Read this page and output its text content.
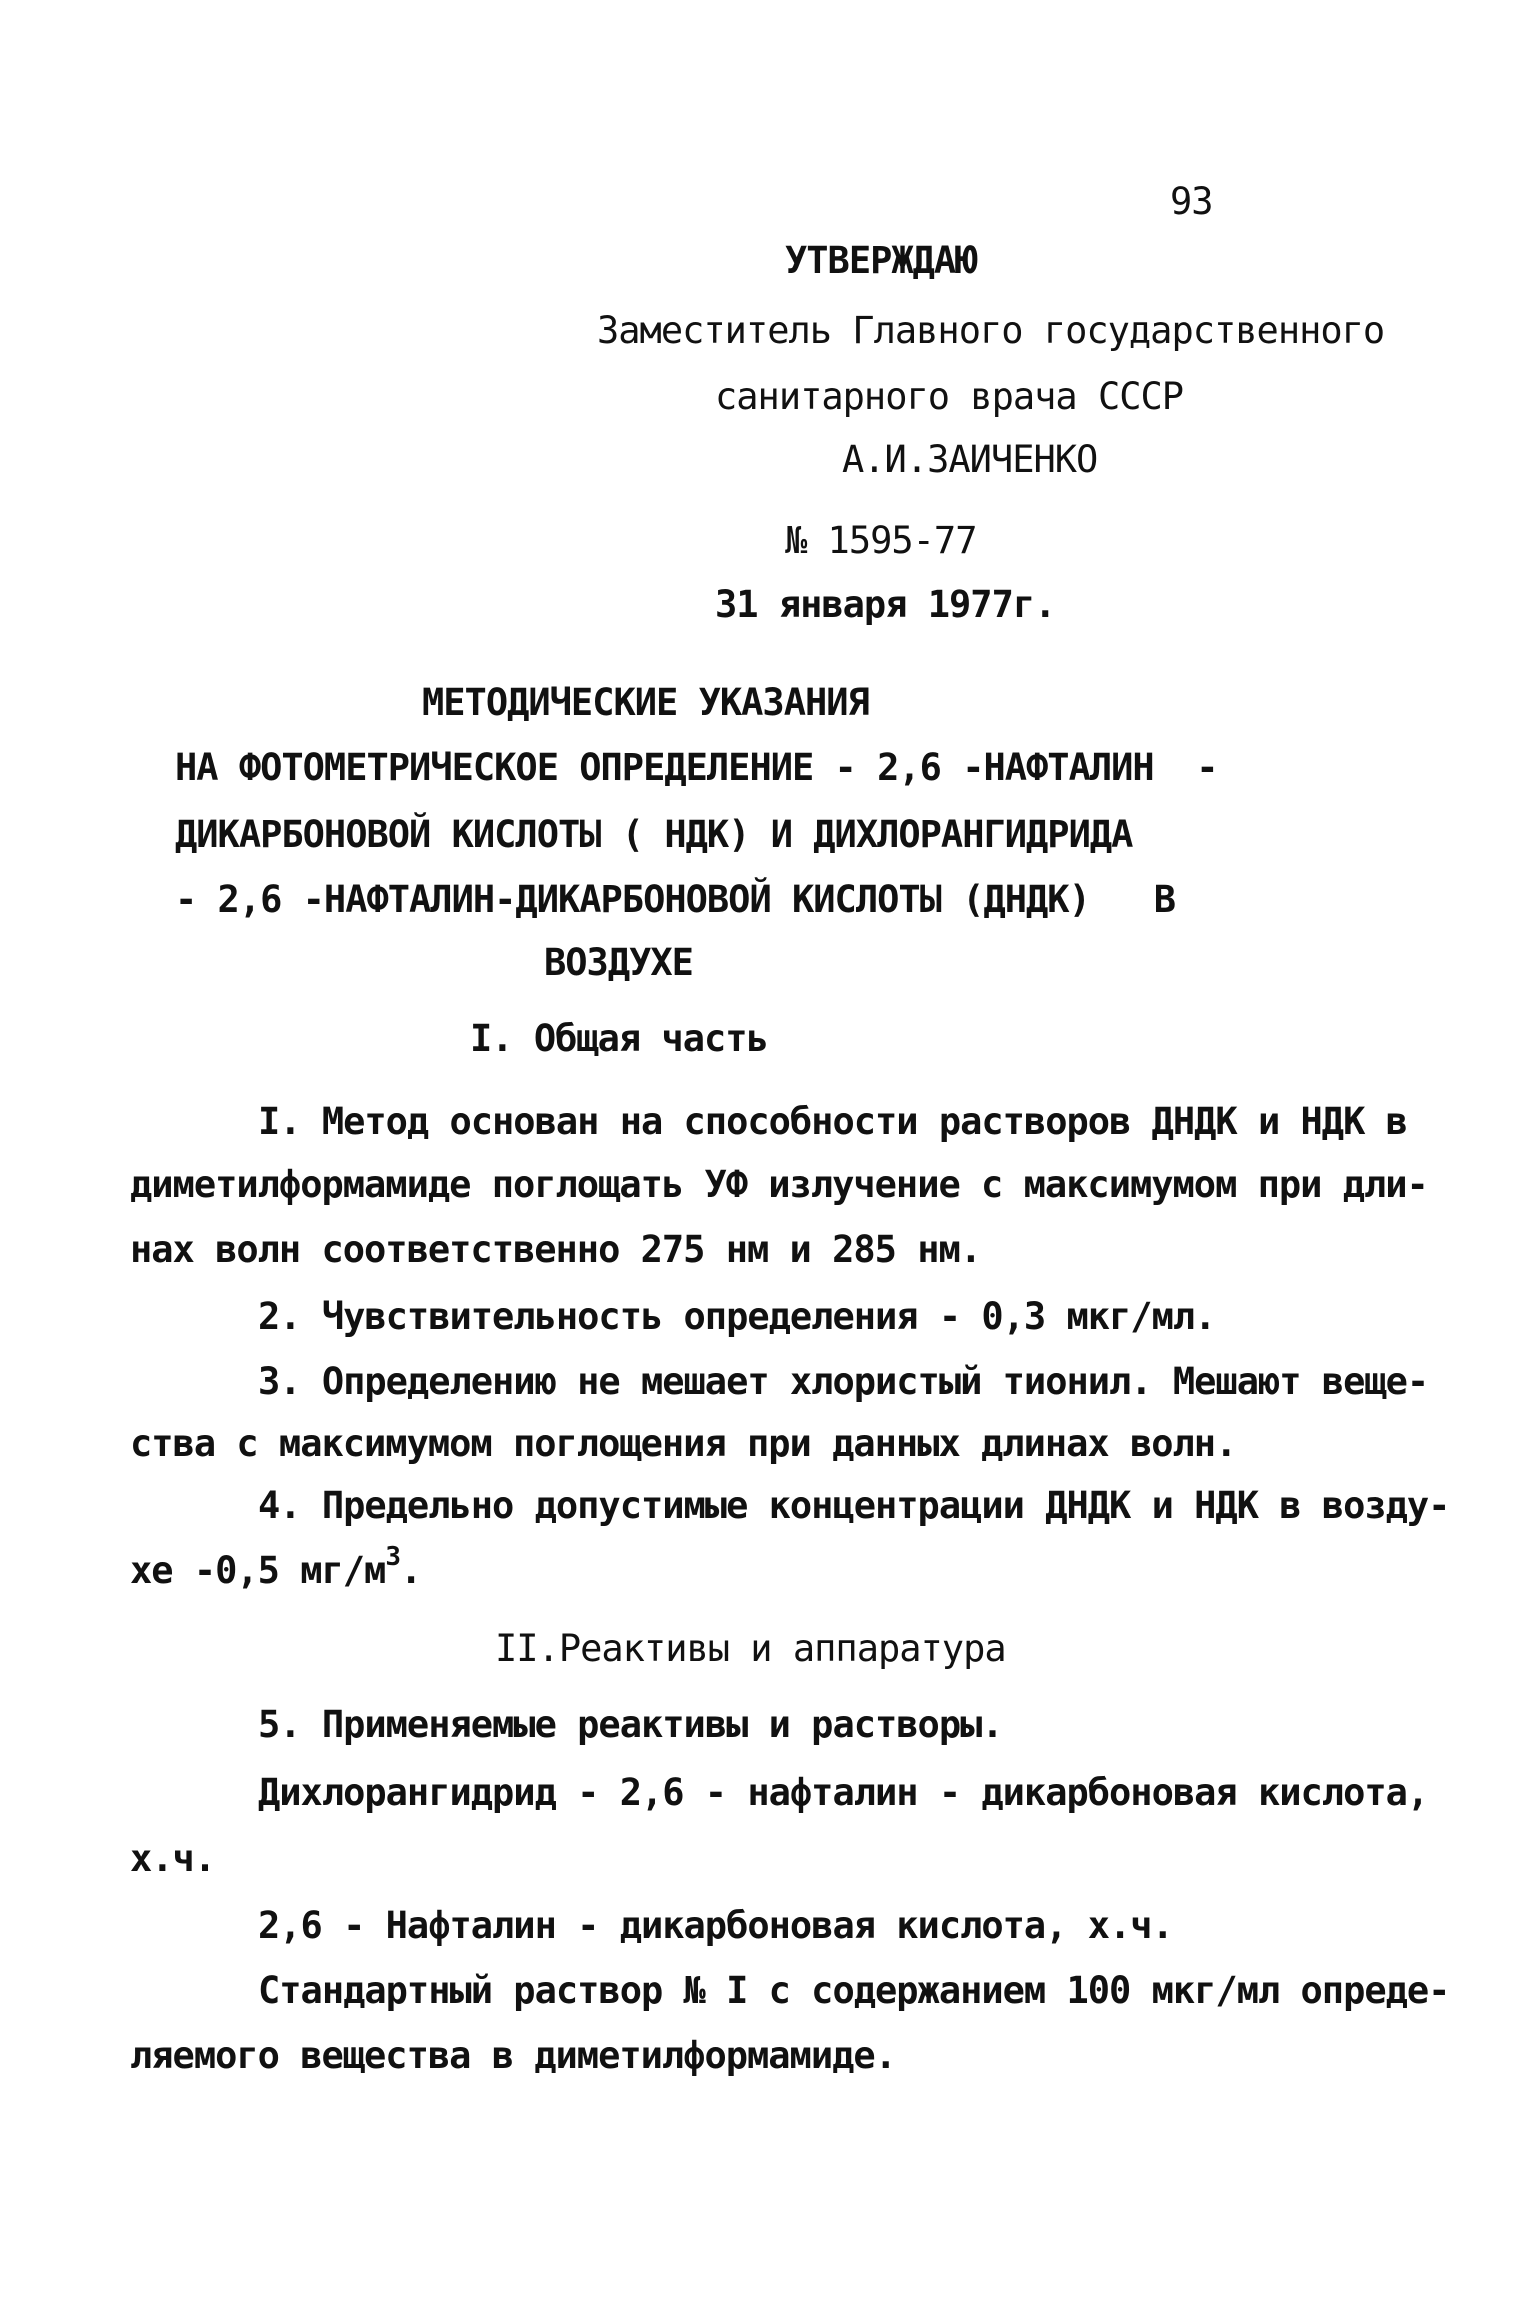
93
УТВЕРЖДАЮ
Заместитель Главного государственного
санитарного врача СССР
А.И.ЗАИЧЕНКО
№ 1595-77
31 января 1977г.
МЕТОДИЧЕСКИЕ УКАЗАНИЯ
НА ФОТОМЕТРИЧЕСКОЕ ОПРЕДЕЛЕНИЕ - 2,6 -НАФТАЛИН  -
ДИКАРБОНОВОЙ КИСЛОТЫ ( НДК) И ДИХЛОРАНГИДРИДА
- 2,6 -НАФТАЛИН-ДИКАРБОНОВОЙ КИСЛОТЫ (ДНДК)   В
ВОЗДУХЕ
I. Общая часть
I. Метод основан на способности растворов ДНДК и НДК в
диметилформамиде поглощать УФ излучение с максимумом при дли-
нах волн соответственно 275 нм и 285 нм.
2. Чувствительность определения - 0,3 мкг/мл.
3. Определению не мешает хлористый тионил. Мешают веще-
ства с максимумом поглощения при данных длинах волн.
4. Предельно допустимые концентрации ДНДК и НДК в возду-
хе -0,5 $мг/м^3$.
II.Реактивы и аппаратура
5. Применяемые реактивы и растворы.
Дихлорангидрид - 2,6 - нафталин - дикарбоновая кислота,
х.ч.
2,6 - Нафталин - дикарбоновая кислота, х.ч.
Стандартный раствор № I с содержанием 100 мкг/мл опреде-
ляемого вещества в диметилформамиде.
